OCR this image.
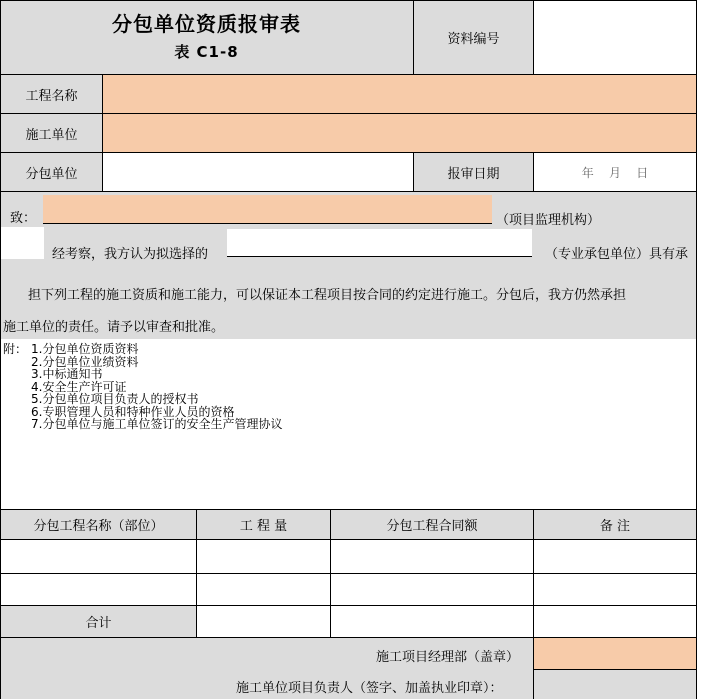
分包单位资质报审表
表 C1-8
资料编号
工程名称
施工单位
分包单位	报审日期	年    月    日
致：	（项目监理机构）
经考察，我方认为拟选择的	（专业承包单位）具有承
担下列工程的施工资质和施工能力，可以保证本工程项目按合同的约定进行施工。分包后，我方仍然承担
施工单位的责任。请予以审查和批准。
附： 1.分包单位资质资料
2.分包单位业绩资料
3.中标通知书
4.安全生产许可证
5.分包单位项目负责人的授权书
6.专职管理人员和特种作业人员的资格
7.分包单位与施工单位签订的安全生产管理协议
分包工程名称（部位）	工 程 量	分包工程合同额	备 注
合计
施工项目经理部（盖章）
施工单位项目负责人（签字、加盖执业印章）：
